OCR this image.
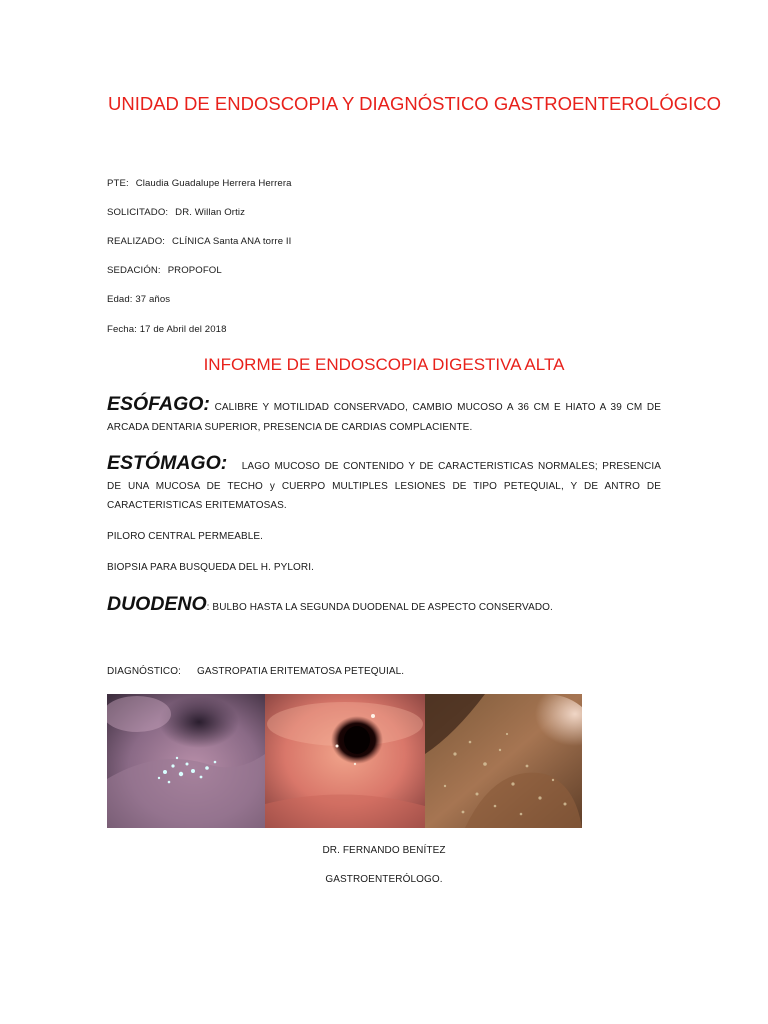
UNIDAD DE ENDOSCOPIA Y DIAGNÓSTICO GASTROENTEROLÓGICO
PTE: Claudia Guadalupe Herrera Herrera
SOLICITADO: DR. Willan Ortiz
REALIZADO: CLÍNICA Santa ANA torre II
SEDACIÓN: PROPOFOL
Edad: 37 años
Fecha: 17 de Abril del 2018
INFORME DE ENDOSCOPIA DIGESTIVA ALTA
ESÓFAGO: CALIBRE Y MOTILIDAD CONSERVADO, CAMBIO MUCOSO A 36 CM E HIATO A 39 CM DE ARCADA DENTARIA SUPERIOR, PRESENCIA DE CARDIAS COMPLACIENTE.
ESTÓMAGO: LAGO MUCOSO DE CONTENIDO Y DE CARACTERISTICAS NORMALES; PRESENCIA DE UNA MUCOSA DE TECHO y CUERPO MULTIPLES LESIONES DE TIPO PETEQUIAL, Y DE ANTRO DE CARACTERISTICAS ERITEMATOSAS.
PILORO CENTRAL PERMEABLE.
BIOPSIA PARA BUSQUEDA DEL H. PYLORI.
DUODENO: BULBO HASTA LA SEGUNDA DUODENAL DE ASPECTO CONSERVADO.
DIAGNÓSTICO: GASTROPATIA ERITEMATOSA PETEQUIAL.
DR. FERNANDO BENÍTEZ
GASTROENTERÓLOGO.
